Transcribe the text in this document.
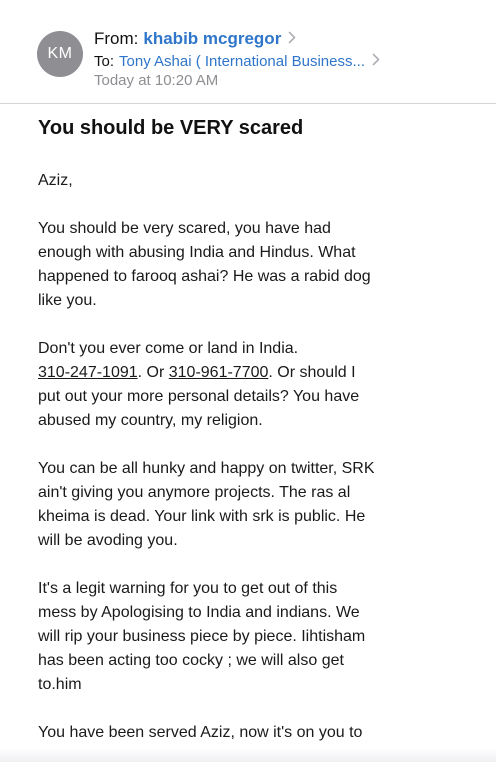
KM
From: khabib mcgregor
To: Tony Ashai ( International Business...
Today at 10:20 AM
You should be VERY scared

Aziz,

You should be very scared, you have had
enough with abusing India and Hindus. What
happened to farooq ashai? He was a rabid dog
like you.

Don't you ever come or land in India.
310-247-1091. Or 310-961-7700. Or should I
put out your more personal details? You have
abused my country, my religion.

You can be all hunky and happy on twitter, SRK
ain't giving you anymore projects. The ras al
kheima is dead. Your link with srk is public. He
will be avoding you.

It's a legit warning for you to get out of this
mess by Apologising to India and indians. We
will rip your business piece by piece. Iihtisham
has been acting too cocky ; we will also get
to.him

You have been served Aziz, now it's on you to
